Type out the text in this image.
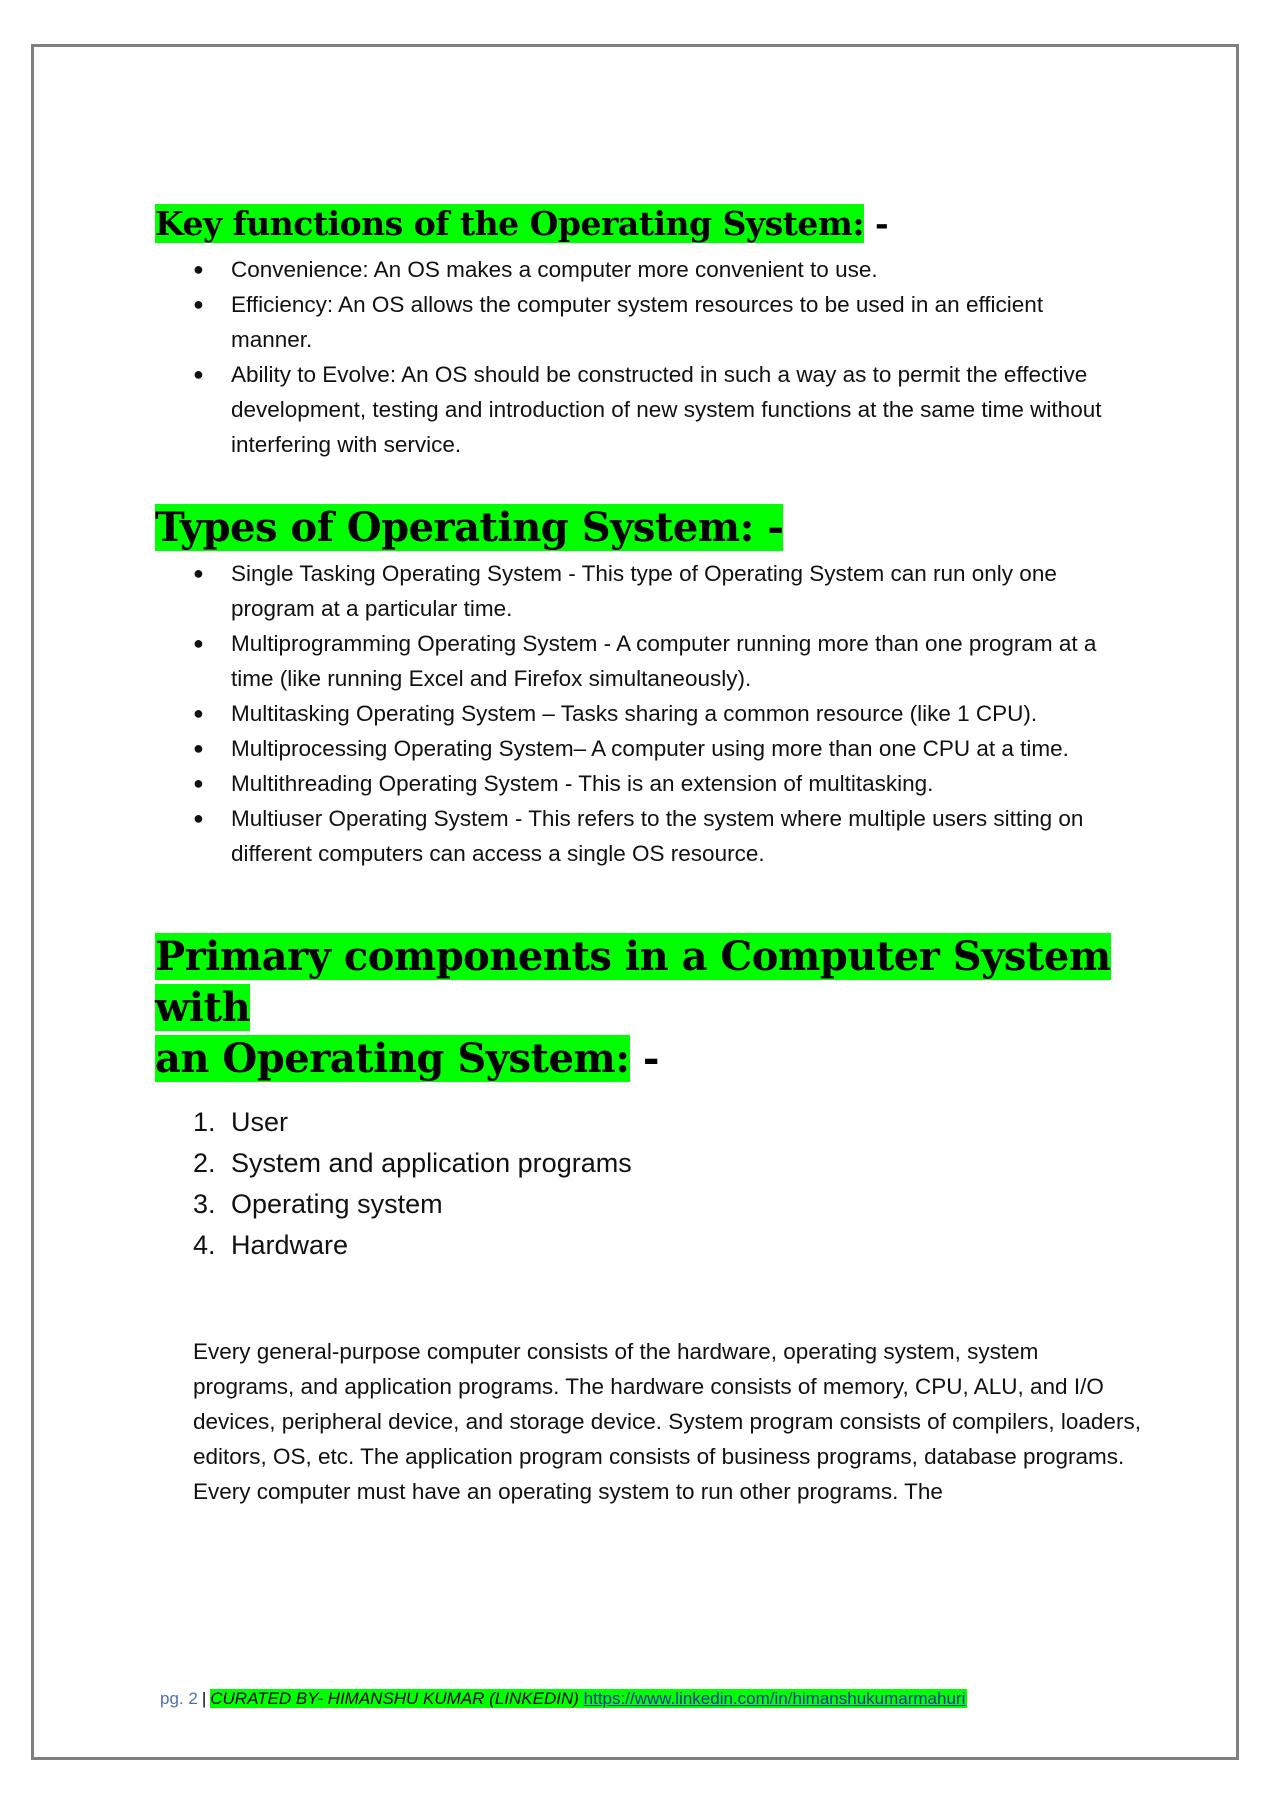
Key functions of the Operating System: -
● Convenience: An OS makes a computer more convenient to use.
● Efficiency: An OS allows the computer system resources to be used in an efficient manner.
● Ability to Evolve: An OS should be constructed in such a way as to permit the effective development, testing and introduction of new system functions at the same time without interfering with service.
Types of Operating System: -
● Single Tasking Operating System - This type of Operating System can run only one program at a particular time.
● Multiprogramming Operating System - A computer running more than one program at a time (like running Excel and Firefox simultaneously).
● Multitasking Operating System – Tasks sharing a common resource (like 1 CPU).
● Multiprocessing Operating System– A computer using more than one CPU at a time.
● Multithreading Operating System - This is an extension of multitasking.
● Multiuser Operating System - This refers to the system where multiple users sitting on different computers can access a single OS resource.
Primary components in a Computer System with
an Operating System: -
1. User
2. System and application programs
3. Operating system
4. Hardware

Every general-purpose computer consists of the hardware, operating system, system programs, and application programs. The hardware consists of memory, CPU, ALU, and I/O devices, peripheral device, and storage device. System program consists of compilers, loaders, editors, OS, etc. The application program consists of business programs, database programs. Every computer must have an operating system to run other programs. The

pg. 2 | CURATED BY- HIMANSHU KUMAR (LINKEDIN) https://www.linkedin.com/in/himanshukumarmahuri
